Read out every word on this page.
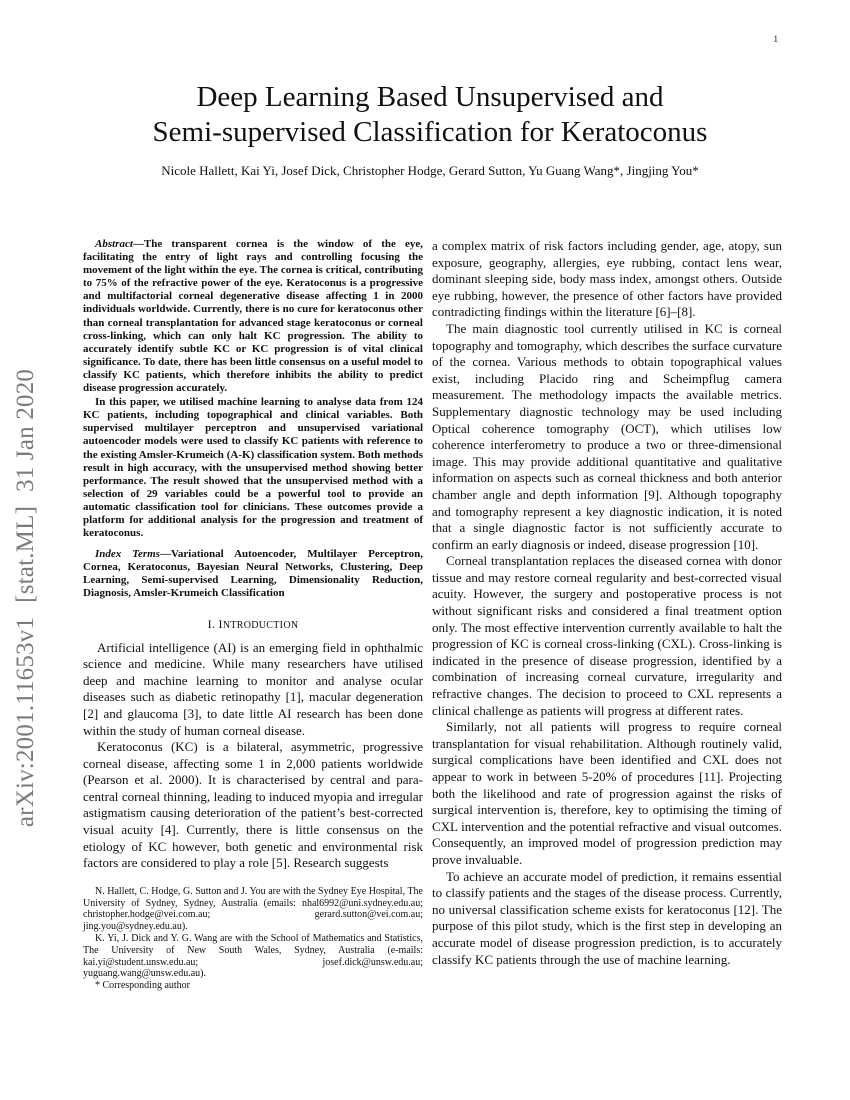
1
arXiv:2001.11653v1
[stat.ML]
31 Jan 2020
Deep Learning Based Unsupervised and
Semi-supervised Classification for Keratoconus
Nicole Hallett, Kai Yi, Josef Dick, Christopher Hodge, Gerard Sutton, Yu Guang Wang*, Jingjing You*

Abstract—The transparent cornea is the window of the eye, facilitating the entry of light rays and controlling focusing the movement of the light within the eye. The cornea is critical, contributing to 75% of the refractive power of the eye. Keratoconus is a progressive and multifactorial corneal degenerative disease affecting 1 in 2000 individuals worldwide. Currently, there is no cure for keratoconus other than corneal transplantation for advanced stage keratoconus or corneal cross-linking, which can only halt KC progression. The ability to accurately identify subtle KC or KC progression is of vital clinical significance. To date, there has been little consensus on a useful model to classify KC patients, which therefore inhibits the ability to predict disease progression accurately.

In this paper, we utilised machine learning to analyse data from 124 KC patients, including topographical and clinical variables. Both supervised multilayer perceptron and unsupervised variational autoencoder models were used to classify KC patients with reference to the existing Amsler-Krumeich (A-K) classification system. Both methods result in high accuracy, with the unsupervised method showing better performance. The result showed that the unsupervised method with a selection of 29 variables could be a powerful tool to provide an automatic classification tool for clinicians. These outcomes provide a platform for additional analysis for the progression and treatment of keratoconus.

Index Terms—Variational Autoencoder, Multilayer Perceptron, Cornea, Keratoconus, Bayesian Neural Networks, Clustering, Deep Learning, Semi-supervised Learning, Dimensionality Reduction, Diagnosis, Amsler-Krumeich Classification

I. INTRODUCTION

Artificial intelligence (AI) is an emerging field in ophthalmic science and medicine. While many researchers have utilised deep and machine learning to monitor and analyse ocular diseases such as diabetic retinopathy [1], macular degeneration [2] and glaucoma [3], to date little AI research has been done within the study of human corneal disease.

Keratoconus (KC) is a bilateral, asymmetric, progressive corneal disease, affecting some 1 in 2,000 patients worldwide (Pearson et al. 2000). It is characterised by central and para-central corneal thinning, leading to induced myopia and irregular astigmatism causing deterioration of the patient’s best-corrected visual acuity [4]. Currently, there is little consensus on the etiology of KC however, both genetic and environmental risk factors are considered to play a role [5]. Research suggests

N. Hallett, C. Hodge, G. Sutton and J. You are with the Sydney Eye Hospital, The University of Sydney, Sydney, Australia (emails: nhal6992@uni.sydney.edu.au; christopher.hodge@vei.com.au; gerard.sutton@vei.com.au; jing.you@sydney.edu.au).

K. Yi, J. Dick and Y. G. Wang are with the School of Mathematics and Statistics, The University of New South Wales, Sydney, Australia (e-mails: kai.yi@student.unsw.edu.au; josef.dick@unsw.edu.au; yuguang.wang@unsw.edu.au).

* Corresponding author

a complex matrix of risk factors including gender, age, atopy, sun exposure, geography, allergies, eye rubbing, contact lens wear, dominant sleeping side, body mass index, amongst others. Outside eye rubbing, however, the presence of other factors have provided contradicting findings within the literature [6]–[8].

The main diagnostic tool currently utilised in KC is corneal topography and tomography, which describes the surface curvature of the cornea. Various methods to obtain topographical values exist, including Placido ring and Scheimpflug camera measurement. The methodology impacts the available metrics. Supplementary diagnostic technology may be used including Optical coherence tomography (OCT), which utilises low coherence interferometry to produce a two or three-dimensional image. This may provide additional quantitative and qualitative information on aspects such as corneal thickness and both anterior chamber angle and depth information [9]. Although topography and tomography represent a key diagnostic indication, it is noted that a single diagnostic factor is not sufficiently accurate to confirm an early diagnosis or indeed, disease progression [10].

Corneal transplantation replaces the diseased cornea with donor tissue and may restore corneal regularity and best-corrected visual acuity. However, the surgery and postoperative process is not without significant risks and considered a final treatment option only. The most effective intervention currently available to halt the progression of KC is corneal cross-linking (CXL). Cross-linking is indicated in the presence of disease progression, identified by a combination of increasing corneal curvature, irregularity and refractive changes. The decision to proceed to CXL represents a clinical challenge as patients will progress at different rates.

Similarly, not all patients will progress to require corneal transplantation for visual rehabilitation. Although routinely valid, surgical complications have been identified and CXL does not appear to work in between 5-20% of procedures [11]. Projecting both the likelihood and rate of progression against the risks of surgical intervention is, therefore, key to optimising the timing of CXL intervention and the potential refractive and visual outcomes. Consequently, an improved model of progression prediction may prove invaluable.

To achieve an accurate model of prediction, it remains essential to classify patients and the stages of the disease process. Currently, no universal classification scheme exists for keratoconus [12]. The purpose of this pilot study, which is the first step in developing an accurate model of disease progression prediction, is to accurately classify KC patients through the use of machine learning.
